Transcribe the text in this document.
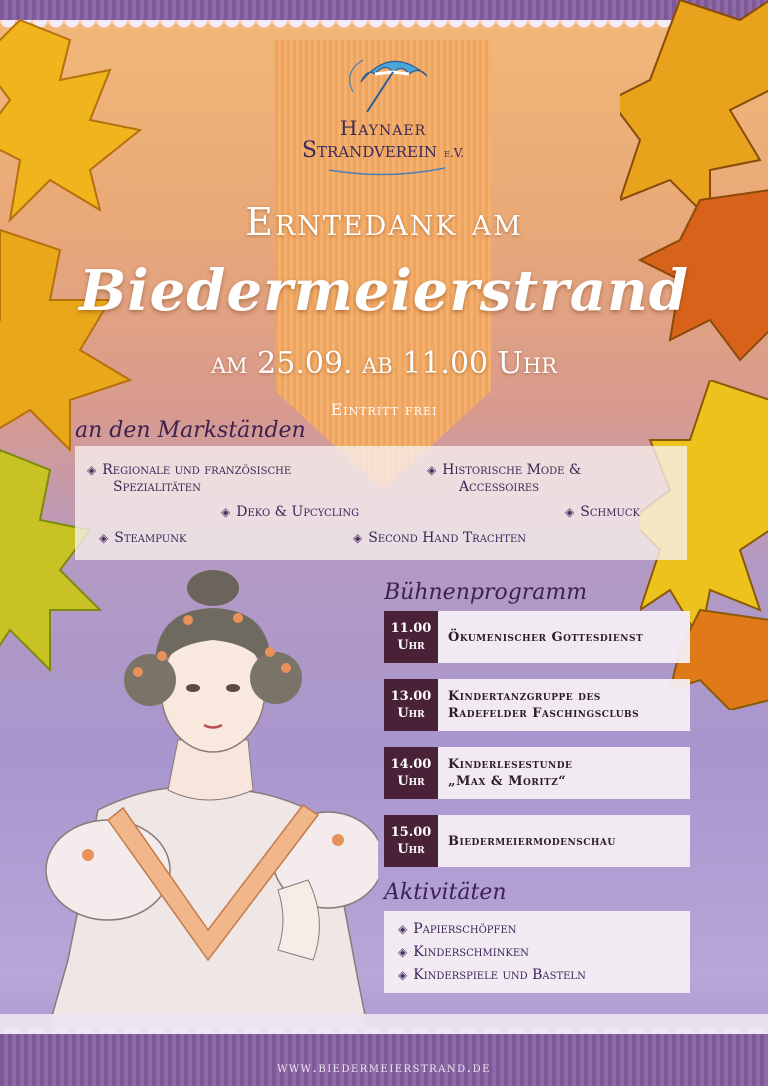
Haynaer
Strandverein e.V.
Erntedank am
Biedermeierstrand
am 25.09. ab 11.00 Uhr
Eintritt frei
an den Markständen
◈ Regionale und französische
Spezialitäten
◈ Historische Mode &
Accessoires
◈ Deko & Upcycling	◈ Schmuck
◈ Steampunk	◈ Second Hand Trachten
Bühnenprogramm
11.00
Uhr
Ökumenischer Gottesdienst
13.00
Uhr
Kindertanzgruppe des
Radefelder Faschingsclubs
14.00
Uhr
Kinderlesestunde
„Max & Moritz“
15.00
Uhr
Biedermeiermodenschau
Aktivitäten
◈ Papierschöpfen
◈ Kinderschminken
◈ Kinderspiele und Basteln
www.biedermeierstrand.de
